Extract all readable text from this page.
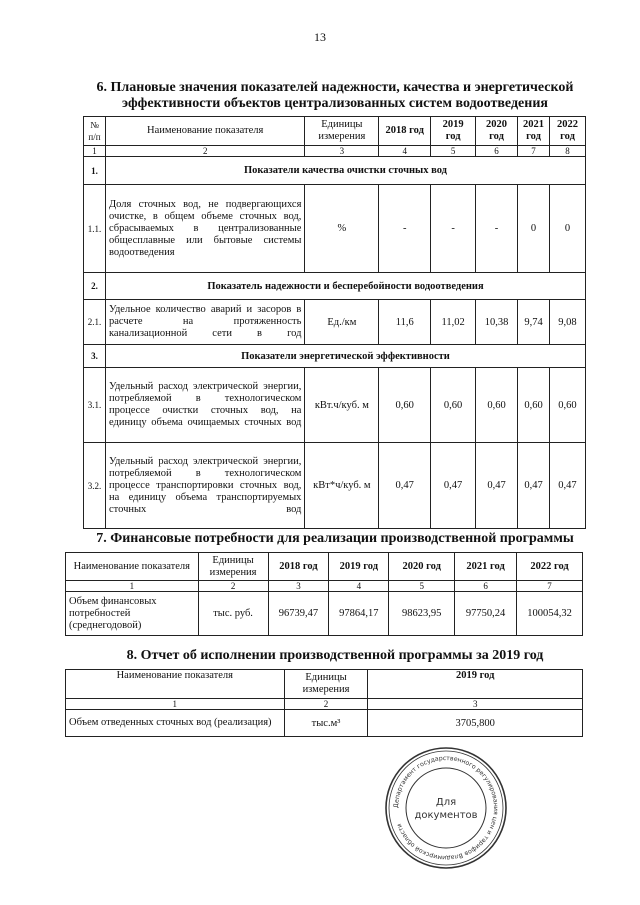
13
6. Плановые значения показателей надежности, качества и энергетической эффективности объектов централизованных систем водоотведения
№ п/п	Наименование показателя	Единицы измерения	2018 год	2019 год	2020 год	2021 год	2022 год
1	2	3	4	5	6	7	8
1.	Показатели качества очистки сточных вод						
1.1.	Доля сточных вод, не подвергающихся очистке, в общем объеме сточных вод, сбрасываемых в централизованные общесплавные или бытовые системы водоотведения	%	-	-	-	0	0
2.	Показатель надежности и бесперебойности водоотведения						
2.1.	Удельное количество аварий и засоров в расчете на протяженность канализационной сети в год	Ед./км	11,6	11,02	10,38	9,74	9,08
3.	Показатели энергетической эффективности						
3.1.	Удельный расход электрической энергии, потребляемой в технологическом процессе очистки сточных вод, на единицу объема очищаемых сточных вод	кВт.ч/куб. м	0,60	0,60	0,60	0,60	0,60
3.2.	Удельный расход электрической энергии, потребляемой в технологическом процессе транспортировки сточных вод, на единицу объема транспортируемых сточных вод	кВт*ч/куб. м	0,47	0,47	0,47	0,47	0,47
7. Финансовые потребности для реализации производственной программы
Наименование показателя	Единицы измерения	2018 год	2019 год	2020 год	2021 год	2022 год
1	2	3	4	5	6	7
Объем финансовых потребностей (среднегодовой)	тыс. руб.	96739,47	97864,17	98623,95	97750,24	100054,32
8. Отчет об исполнении производственной программы за 2019 год
Наименование показателя	Единицы измерения	2019 год
1	2	3
Объем отведенных сточных вод (реализация)	тыс.м³	3705,800
Департамент государственного регулирования цен и тарифов Владимирской области
Для
документов
